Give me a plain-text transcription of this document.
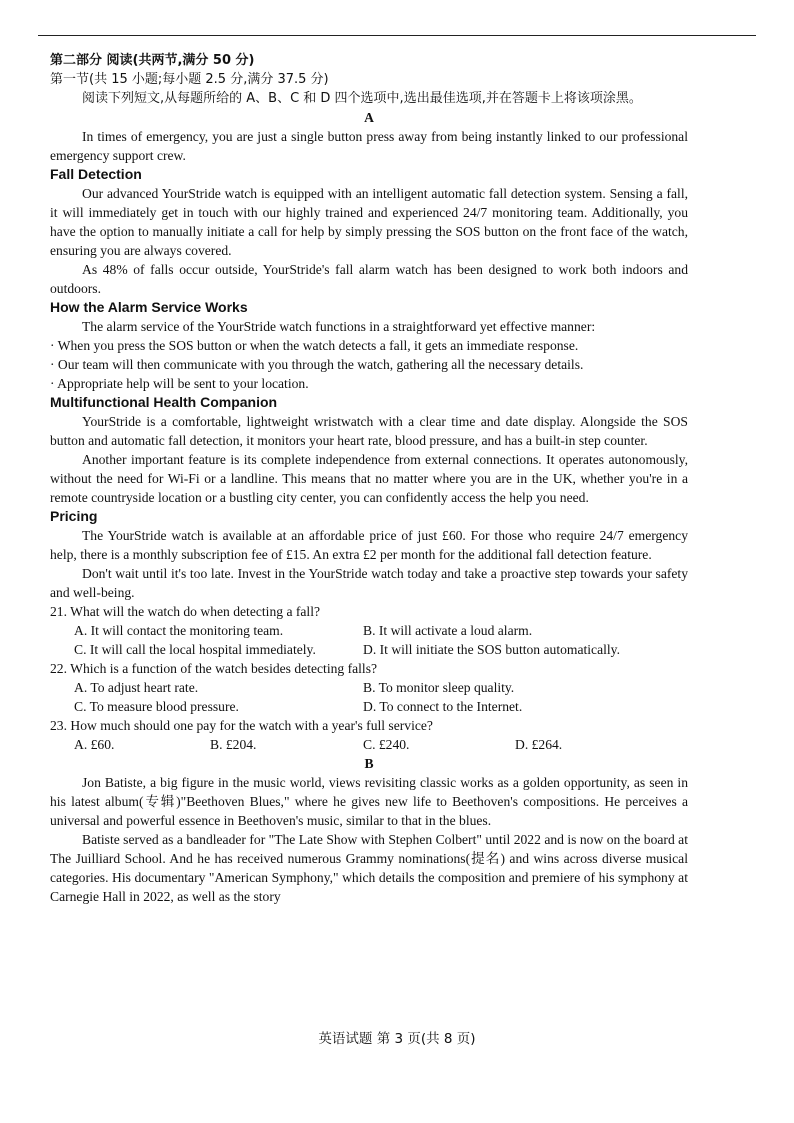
第二部分 阅读(共两节,满分 50 分)

第一节(共 15 小题;每小题 2.5 分,满分 37.5 分)

阅读下列短文,从每题所给的 A、B、C 和 D 四个选项中,选出最佳选项,并在答题卡上将该项涂黑。

A

In times of emergency, you are just a single button press away from being instantly linked to our professional emergency support crew.

Fall Detection

Our advanced YourStride watch is equipped with an intelligent automatic fall detection system. Sensing a fall, it will immediately get in touch with our highly trained and experienced 24/7 monitoring team. Additionally, you have the option to manually initiate a call for help by simply pressing the SOS button on the front face of the watch, ensuring you are always covered.

As 48% of falls occur outside, YourStride's fall alarm watch has been designed to work both indoors and outdoors.

How the Alarm Service Works

The alarm service of the YourStride watch functions in a straightforward yet effective manner:

· When you press the SOS button or when the watch detects a fall, it gets an immediate response.

· Our team will then communicate with you through the watch, gathering all the necessary details.

· Appropriate help will be sent to your location.

Multifunctional Health Companion

YourStride is a comfortable, lightweight wristwatch with a clear time and date display. Alongside the SOS button and automatic fall detection, it monitors your heart rate, blood pressure, and has a built-in step counter.

Another important feature is its complete independence from external connections. It operates autonomously, without the need for Wi-Fi or a landline. This means that no matter where you are in the UK, whether you're in a remote countryside location or a bustling city center, you can confidently access the help you need.

Pricing

The YourStride watch is available at an affordable price of just £60. For those who require 24/7 emergency help, there is a monthly subscription fee of £15. An extra £2 per month for the additional fall detection feature.

Don't wait until it's too late. Invest in the YourStride watch today and take a proactive step towards your safety and well-being.

21. What will the watch do when detecting a fall?

A. It will contact the monitoring team.	B. It will activate a loud alarm.
C. It will call the local hospital immediately.	D. It will initiate the SOS button automatically.

22. Which is a function of the watch besides detecting falls?

A. To adjust heart rate.	B. To monitor sleep quality.
C. To measure blood pressure.	D. To connect to the Internet.

23. How much should one pay for the watch with a year's full service?

A. £60.	B. £204.	C. £240.	D. £264.

B

Jon Batiste, a big figure in the music world, views revisiting classic works as a golden opportunity, as seen in his latest album(专辑)"Beethoven Blues," where he gives new life to Beethoven's compositions. He perceives a universal and powerful essence in Beethoven's music, similar to that in the blues.

Batiste served as a bandleader for "The Late Show with Stephen Colbert" until 2022 and is now on the board at The Juilliard School. And he has received numerous Grammy nominations(提名) and wins across diverse musical categories. His documentary "American Symphony," which details the composition and premiere of his symphony at Carnegie Hall in 2022, as well as the story

英语试题 第 3 页(共 8 页)
